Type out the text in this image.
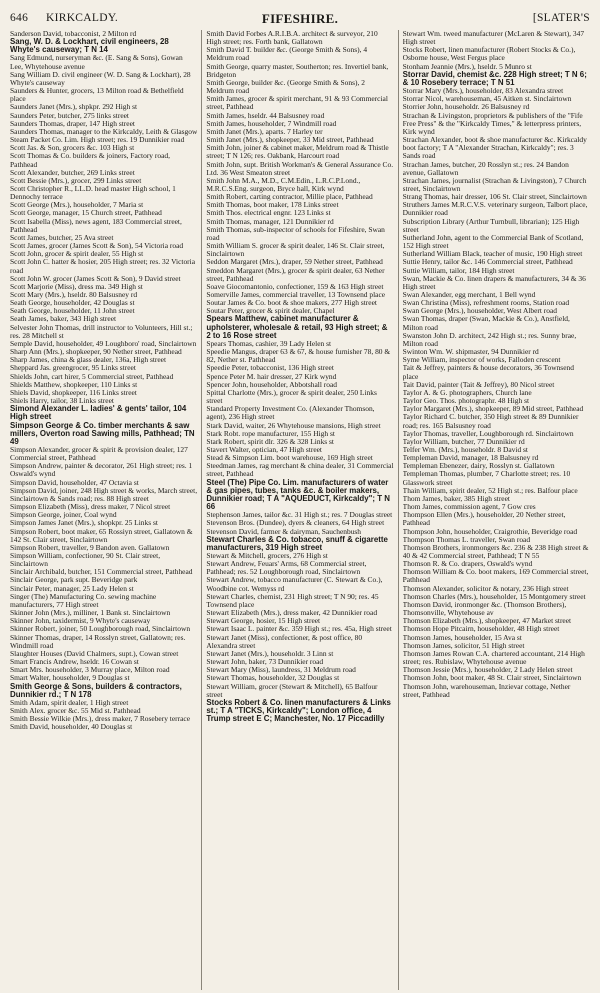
646 KIRKCALDY.	FIFESHIRE.	[SLATER'S

Sanderson David, tobacconist, 2 Milton rd

Sang, W. D. & Lockhart, civil engineers, 28 Whyte's causeway; T N 14

Sang Edmund, nurseryman &c. (E. Sang & Sons), Gowan Lee, Whytehouse avenue

Sang William D. civil engineer (W. D. Sang & Lockhart), 28 Whyte's causeway

Saunders & Hunter, grocers, 13 Milton road & Bethelfield place

Saunders Janet (Mrs.), shpkpr. 292 High st

Saunders Peter, butcher, 275 links street

Saunders Thomas, draper, 147 High street

Saunders Thomas, manager to the Kirkcaldy, Leith & Glasgow Steam Packet Co. Lim. High street; res. 19 Dunnikier road

Scott Jas. & Son, grocers &c. 103 High st

Scott Thomas & Co. builders & joiners, Factory road, Pathhead

Scott Alexander, butcher, 269 Links street

Scott Bessie (Mrs.), grocer, 299 Links street

Scott Christopher R., LL.D. head master High school, 1 Dennochy terrace

Scott George (Mrs.), householder, 7 Maria st

Scott George, manager, 15 Church street, Pathhead

Scott Isabella (Miss), news agent, 183 Commercial street, Pathhead

Scott James, butcher, 25 Ava street

Scott James, grocer (James Scott & Son), 54 Victoria road

Scott John, grocer & spirit dealer, 55 High st

Scott John C. hatter & hosier, 205 High street; res. 32 Victoria road

Scott John W. grocer (James Scott & Son), 9 David street

Scott Marjorie (Miss), dress ma. 349 High st

Scott Mary (Mrs.), hseldr. 80 Balsusney rd

Seath George, householder, 42 Douglas st

Seath George, householder, 11 John street

Seath James, baker, 343 High street

Selvester John Thomas, drill instructor to Volunteers, Hill st.; res. 28 Mitchell st

Semple David, householder, 49 Loughboro' road, Sinclairtown

Sharp Ann (Mrs.), shopkeeper, 90 Nether street, Pathhead

Sharp James, china & glass dealer, 136a, High street

Sheppard Jas. greengrocer, 95 Links street

Shields John, cart hirer, 5 Commercial street, Pathhead

Shields Matthew, shopkeeper, 110 Links st

Shiels David, shopkeeper, 116 Links street

Shiels Harry, tailor, 38 Links street

Simond Alexander L. ladies' & gents' tailor, 104 High street

Simpson George & Co. timber merchants & saw millers, Overton road Sawing mills, Pathhead; TN 49

Simpson Alexander, grocer & spirit & provision dealer, 127 Commercial street, Pathhead

Simpson Andrew, painter & decorator, 261 High street; res. 1 Oswald's wynd

Simpson David, householder, 47 Octavia st

Simpson David, joiner, 248 High street & works, March street, Sinclairtown & Sands road; res. 88 High street

Simpson Elizabeth (Miss), dress maker, 7 Nicol street

Simpson George, joiner, Coal wynd

Simpson James Janet (Mrs.), shopkpr. 25 Links st

Simpson Robert, boot maker, 65 Rossiyn street, Gallatown & 142 St. Clair street, Sinclairtown

Simpson Robert, traveller, 9 Bandon aven. Gallatown

Simpson William, confectioner, 90 St. Clair street, Sinclairtown

Sinclair Archibald, butcher, 151 Commercial street, Pathhead

Sinclair George, park supt. Beveridge park

Sinclair Peter, manager, 25 Lady Helen st

Singer (The) Manufacturing Co. sewing machine manufacturers, 77 High street

Skinner John (Mrs.), milliner, 1 Bank st. Sinclairtown

Skinner John, taxidermist, 9 Whyte's causeway

Skinner Robert, joiner, 50 Loughborough road, Sinclairtown

Skinner Thomas, draper, 14 Rosslyn street, Gallatown; res. Windmill road

Slaughter Houses (David Chalmers, supt.), Cowan street

Smart Francis Andrew, hseldr. 16 Cowan st

Smart Mrs. householder, 3 Murray place, Milton road

Smart Walter, householder, 9 Douglas st

Smith George & Sons, builders & contractors, Dunnikier rd.; T N 178

Smith Adam, spirit dealer, 1 High street

Smith Alex. grocer &c. 55 Mid st. Pathhead

Smith Bessie Wilkie (Mrs.), dress maker, 7 Rosebery terrace

Smith David, householder, 40 Douglas st

Smith David Forbes A.R.I.B.A. architect & surveyor, 210 High street; res. Forth bank, Gallatown

Smith David T. builder &c. (George Smith & Sons), 4 Meldrum road

Smith George, quarry master, Southerton; res. Invertiel bank, Bridgeton

Smith George, builder &c. (George Smith & Sons), 2 Meldrum road

Smith James, grocer & spirit merchant, 91 & 93 Commercial street, Pathhead

Smith James, hseldr. 44 Balsusney road

Smith James, householder, 7 Windmill road

Smith Janet (Mrs.), aparts. 7 Harley ter

Smith Janet (Mrs.), shopkeeper, 33 Mid street, Pathhead

Smith John, joiner & cabinet maker, Meldrum road & Thistle street; T N 126; res. Oakbank, Harcourt road

Smith John, supt. British Workman's & General Assurance Co. Ltd. 36 West Smeaton street

Smith John M.A., M.D., C.M.Edin., L.R.C.P.Lond., M.R.C.S.Eng. surgeon, Bryce hall, Kirk wynd

Smith Robert, carting contractor, Millie place, Pathhead

Smith Thomas, boot maker, 178 Links street

Smith Thos. electrical engnr. 123 Links st

Smith Thomas, manager, 121 Dunnikier rd

Smith Thomas, sub-inspector of schools for Fifeshire, Swan road

Smith William S. grocer & spirit dealer, 146 St. Clair street, Sinclairtown

Seddon Margaret (Mrs.), draper, 59 Nether street, Pathhead

Smeddon Margaret (Mrs.), grocer & spirit dealer, 63 Nether street, Pathhead

Soave Giocomantonio, confectioner, 159 & 163 High street

Somerville James, commercial traveller, 13 Townsend place

Soutar James & Co. boot & shoe makers, 277 High street

Soutar Peter, grocer & spirit dealer, Chapel

Spears Matthew, cabinet manufacturer & upholsterer, wholesale & retail, 93 High street; & 2 to 16 Rose street

Spears Thomas, cashier, 39 Lady Helen st

Speedie Mangus, draper 63 & 67, & house furnisher 78, 80 & 82, Nether st. Pathhead

Speedie Peter, tobacconist, 136 High street

Spence Peter M. hair dresser, 27 Kirk wynd

Spencer John, householder, Abbotshall road

Spittal Charlotte (Mrs.), grocer & spirit dealer, 250 Links street

Standard Property Investment Co. (Alexander Thomson, agent), 236 High street

Stark David, waiter, 26 Whytehouse mansions, High street

Stark Robt. rope manufacturer, 155 High st

Stark Robert, spirit dlr. 326 & 328 Links st

Stavert Walter, optician, 47 High street

Stead & Simpson Lim. boot warehouse, 169 High street

Steedman James, rag merchant & china dealer, 31 Commercial street, Pathhead

Steel (The) Pipe Co. Lim. manufacturers of water & gas pipes, tubes, tanks &c. & boiler makers, Dunnikier road; T A "AQUEDUCT, Kirkcaldy"; T N 66

Stephenson James, tailor &c. 31 High st.; res. 7 Douglas street

Stevenson Bros. (Dundee), dyers & cleaners, 64 High street

Stevenson David, farmer & dairyman, Sauchenbush

Stewart Charles & Co. tobacco, snuff & cigarette manufacturers, 319 High street

Stewart & Mitchell, grocers, 276 High st

Stewart Andrew, Feuars' Arms, 68 Commercial street, Pathhead; res. 52 Loughborough road, Sinclairtown

Stewart Andrew, tobacco manufacturer (C. Stewart & Co.), Woodbine cot. Wemyss rd

Stewart Charles, chemist, 231 High street; T N 90; res. 45 Townsend place

Stewart Elizabeth (Mrs.), dress maker, 42 Dunnikier road

Stewart George, hosier, 15 High street

Stewart Isaac L. painter &c. 359 High st.; res. 45a, High street

Stewart Janet (Miss), confectioner, & post office, 80 Alexandra street

Stewart Janet (Mrs.), householdr. 3 Linn st

Stewart John, baker, 73 Dunnikier road

Stewart Mary (Miss), laundress, 31 Meldrum road

Stewart Thomas, householder, 32 Douglas st

Stewart William, grocer (Stewart & Mitchell), 65 Balfour street

Stocks Robert & Co. linen manufacturers & Links st.; T A "TICKS, Kirkcaldy"; London office, 4 Trump street E C; Manchester, No. 17 Piccadilly

Stewart Wm. tweed manufacturer (McLaren & Stewart), 347 High street

Stocks Robert, linen manufacturer (Robert Stocks & Co.), Osborne house, West Fergus place

Stonham Jeannie (Mrs.), hseldr. 5 Munro st

Storrar David, chemist &c. 228 High street; T N 6; & 10 Rosebery terrace; T N 51

Storrar Mary (Mrs.), householder, 83 Alexandra street

Storrar Nicol, warehouseman, 45 Aitken st. Sinclairtown

Storrier John, householdr. 26 Balsusney rd

Strachan & Livingston, proprietors & publishers of the "Fife Free Press" & the "Kirkcaldy Times," & letterpress printers, Kirk wynd

Strachan Alexander, boot & shoe manufacturer &c. Kirkcaldy boot factory; T A "Alexander Strachan, Kirkcaldy"; res. 3 Sands road

Strachan James, butcher, 20 Rosslyn st.; res. 24 Bandon avenue, Gallatown

Strachan James, journalist (Strachan & Livingston), 7 Church street, Sinclairtown

Strang Thomas, hair dresser, 106 St. Clair street, Sinclairtown

Struthers James M.R.C.V.S. veterinary surgeon, Talbort place, Dunnikier road

Subscription Library (Arthur Turnbull, librarian); 125 High street

Sutherland John, agent to the Commercial Bank of Scotland, 152 High street

Sutherland William Black, teacher of music, 190 High street

Suttie Henry, tailor &c. 146 Commercial street, Pathhead

Suttie William, tailor, 184 High street

Swan, Mackie & Co. linen drapers & manufacturers, 34 & 36 High street

Swan Alexander, egg merchant, 1 Bell wynd

Swan Christina (Miss), refreshment rooms, Station road

Swan George (Mrs.), householder, West Albert road

Swan Thomas, draper (Swan, Mackie & Co.), Anstfield, Milton road

Swanston John D. architect, 242 High st.; res. Sunny brae, Milton road

Swinton Wm. W. shipmaster, 94 Dunnikier rd

Syme William, inspector of works, Falloden crescent

Tait & Jeffrey, painters & house decorators, 36 Townsend place

Tait David, painter (Tait & Jeffrey), 80 Nicol street

Taylor A. & G. photographers, Church lane

Taylor Geo. Thos. photographr. 48 High st

Taylor Margaret (Mrs.), shopkeeper, 89 Mid street, Pathhead

Taylor Richard C. butcher, 350 High street & 89 Dunnikier road; res. 165 Balsusney road

Taylor Thomas, traveller, Loughborough rd. Sinclairtown

Taylor William, butcher, 77 Dunnikier rd

Telfer Wm. (Mrs.), householdr. 8 David st

Templeman David, manager, 18 Balsusney rd

Templeman Ebenezer, dairy, Rosslyn st. Gallatown

Templeman Thomas, plumber, 7 Charlotte street; res. 10 Glasswork street

Thain William, spirit dealer, 52 High st.; res. Balfour place

Thom James, baker, 385 High street

Thom James, commission agent, 7 Gow cres

Thompson Ellen (Mrs.), householder, 20 Nether street, Pathhead

Thompson John, householder, Craigrothie, Beveridge road

Thompson Thomas L. traveller, Swan road

Thomson Brothers, ironmongers &c. 236 & 238 High street & 40 & 42 Commercial street, Pathhead; T N 55

Thomson R. & Co. drapers, Oswald's wynd

Thomson William & Co. boot makers, 169 Commercial street, Pathhead

Thomson Alexander, solicitor & notary, 236 High street

Thomson Charles (Mrs.), householder, 15 Montgomery street

Thomson David, ironmonger &c. (Thomson Brothers), Thomsonville, Whytehouse av

Thomson Elizabeth (Mrs.), shopkeeper, 47 Market street

Thomson Hope Pitcairn, householder, 48 High street

Thomson James, householder, 15 Ava st

Thomson James, solicitor, 51 High street

Thomson James Rowan C.A. chartered accountant, 214 High street; res. Rubislaw, Whytehouse avenue

Thomson Jessie (Mrs.), householder, 2 Lady Helen street

Thomson John, boot maker, 48 St. Clair street, Sinclairtown

Thomson John, warehouseman, Inzievar cottage, Nether street, Pathhead
